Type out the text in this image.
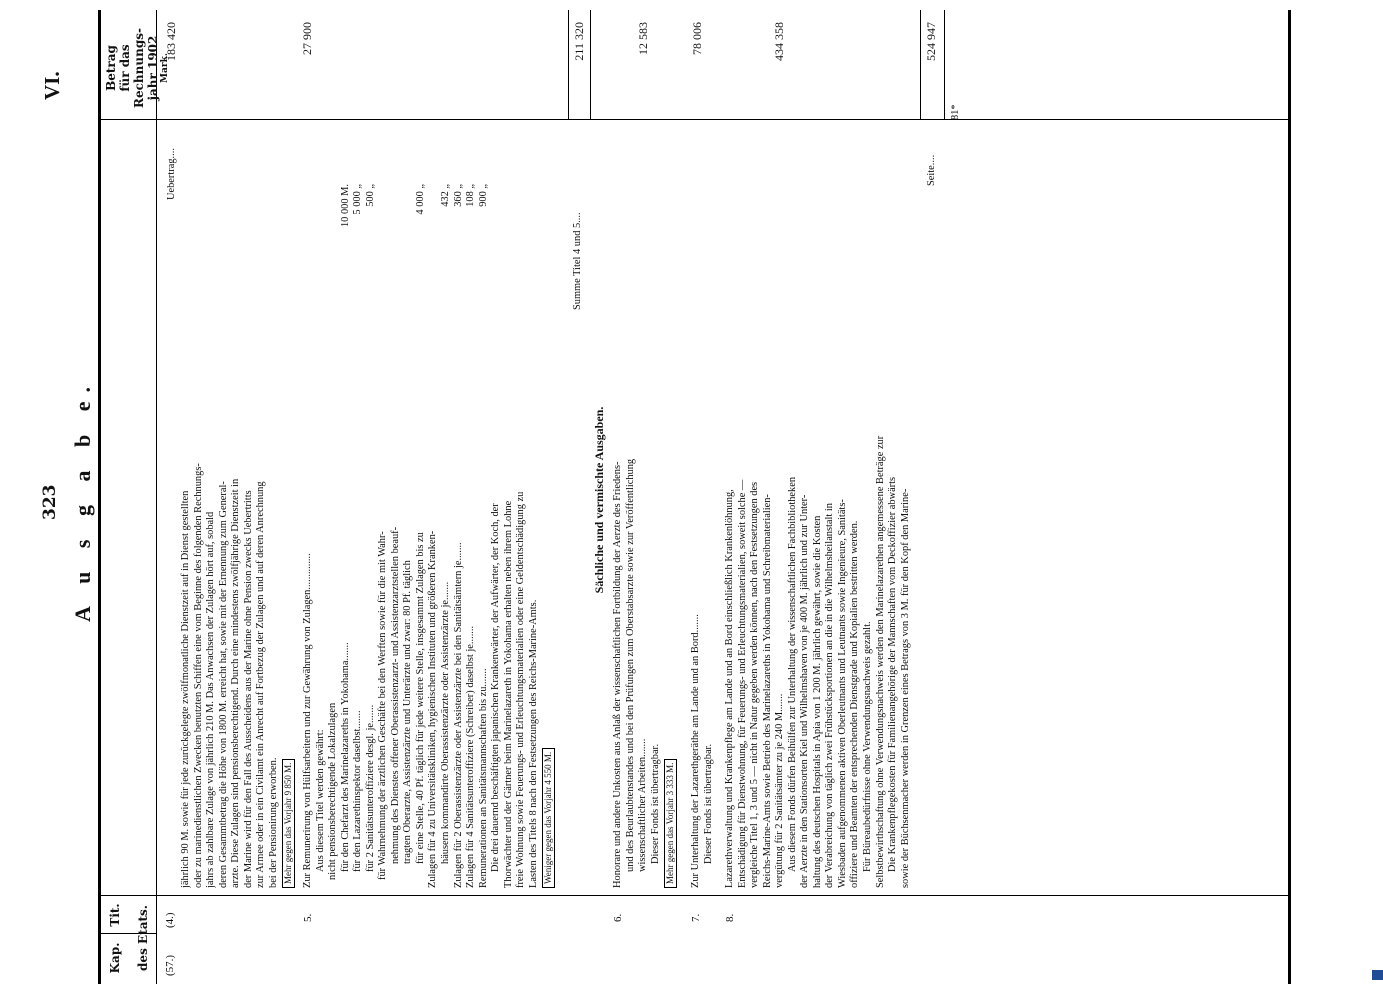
323 A u s g a b e.
VI.
Kap.
Tit. des Etats.
Betrag für das Rechnungs- jahr 1902 Mark.
(57.)
(4.)
Uebertrag....
183 420
jährlich 90 M. sowie für jede zurückgelegte zwölfmonatliche Dienstzeit auf in Dienst gestellten oder zu marinedienstlichen Zwecken benutzten Schiffen eine vom Beginne des folgenden Rechnungs- jahrs ab zahlbare Zulage von jährlich 210 M. Das Anwachsen der Zulagen hört auf, sobald deren Gesammtbetrag die Höhe von 1800 M. erreicht hat, sowie mit der Ernennung zum General- arzte. Diese Zulagen sind pensionsberechtigend. Durch eine mindestens zwölfjährige Dienstzeit in der Marine wird für den Fall des Ausscheidens aus der Marine ohne Pension zwecks Uebertritts zur Armee oder in ein Civilamt ein Anrecht auf Fortbezug der Zulagen und auf deren Anrechnung bei der Pensionirung erworben. Mehr gegen das Vorjahr 9 850 M.
5.
27 900
Zur Remunerirung von Hülfsarbeitern und zur Gewährung von Zulagen.............. Aus diesem Titel werden gewährt: nicht pensionsberechtigende Lokalzulagen für den Chefarzt des Marinelazareths in Yokohama....... für den Lazarethinspektor daselbst....... für 2 Sanitätsunteroffiziere desgl. je....... für Wahrnehmung der ärztlichen Geschäfte bei den Werften sowie für die mit Wahr- nehmung des Dienstes offener Oberassistenzarzt- und Assistenzarztstellen beauf- tragten Oberarzte, Assistenzärzte und Unterärzte und zwar: 80 Pf. täglich für eine Stelle, 40 Pf. täglich für jede weitere Stelle, insgesammt Zulagen bis zu Zulagen für 4 zu Universitätskliniken, hygienischen Instituten und größeren Kranken- häusern kommandirte Oberassistenzärzte oder Assistenzärzte je....... Zulagen für 2 Oberassistenzärzte oder Assistenzärzte bei den Sanitätsämtern je....... Zulagen für 4 Sanitätsunteroffiziere (Schreiber) daselbst je....... Remunerationen an Sanitätsmannschaften bis zu....... Die drei dauernd beschäftigten japanischen Krankenwärter, der Aufwärter, der Koch, der Thorwächter und der Gärtner beim Marinelazareth in Yokohama erhalten neben ihrem Lohne freie Wohnung sowie Feuerungs- und Erleuchtungsmaterialien oder eine Geldentschädigung zu Lasten des Titels 8 nach den Festsetzungen des Reichs-Marine-Amts. Weniger gegen das Vorjahr 4 550 M.
10 000 M. 5 000 „ 500 „	4 000 „ 432 „ 360 „ 108 „ 900 „
Summe Titel 4 und 5....
211 320
Sächliche und vermischte Ausgaben.
6.
12 583
Honorare und andere Unkosten aus Anlaß der wissenschaftlichen Fortbildung der Aerzte des Friedens- und des Beurlaubtenstandes und bei den Prüfungen zum Oberstabsarzte sowie zur Veröffentlichung wissenschaftlicher Arbeiten....... Dieser Fonds ist übertragbar. Mehr gegen das Vorjahr 3 333 M.
7.
78 006
Zur Unterhaltung der Lazarethgeräthe am Lande und an Bord....... Dieser Fonds ist übertragbar.
8.
434 358
Lazarethverwaltung und Krankenpflege am Lande und an Bord einschließlich Krankenlöhnung, Entschädigung für Dienstwohnung, für Feuerungs- und Erleuchtungsmaterialien, soweit solche — vergleiche Titel 1, 3 und 5 — nicht in Natur gegeben werden können, nach den Festsetzungen des Reichs-Marine-Amts sowie Betrieb des Marinelazareths in Yokohama und Schreibmaterialien- vergütung für 2 Sanitätsämter zu je 240 M....... Aus diesem Fonds dürfen Beihülfen zur Unterhaltung der wissenschaftlichen Fachbibliotheken der Aerzte in den Stationsorten Kiel und Wilhelmshaven von je 400 M. jährlich und zur Unter- haltung des deutschen Hospitals in Apia von 1 200 M. jährlich gewährt, sowie die Kosten der Verabreichung von täglich zwei Frühstücksportionen an die in die Wilhelmsheilanstalt in Wiesbaden aufgenommenen aktiven Oberleutnants und Leutnants sowie Ingenieure, Sanitäts- offiziere und Beamten der entsprechenden Dienstgrade und Kopialien bestritten werden. Für Büreaubedürfnisse ohne Verwendungsnachweis gezahlt. Selbstbewirthschaftung ohne Verwendungsnachweis werden den Marinelazarethen angemessene Beträge zur Die Krankenpflegekosten für Familienangehörige der Mannschaften vom Deckoffizier abwärts sowie der Büchsenmacher werden in Grenzen eines Betrags von 3 M. für den Kopf den Marine-
Seite....
524 947
81*
